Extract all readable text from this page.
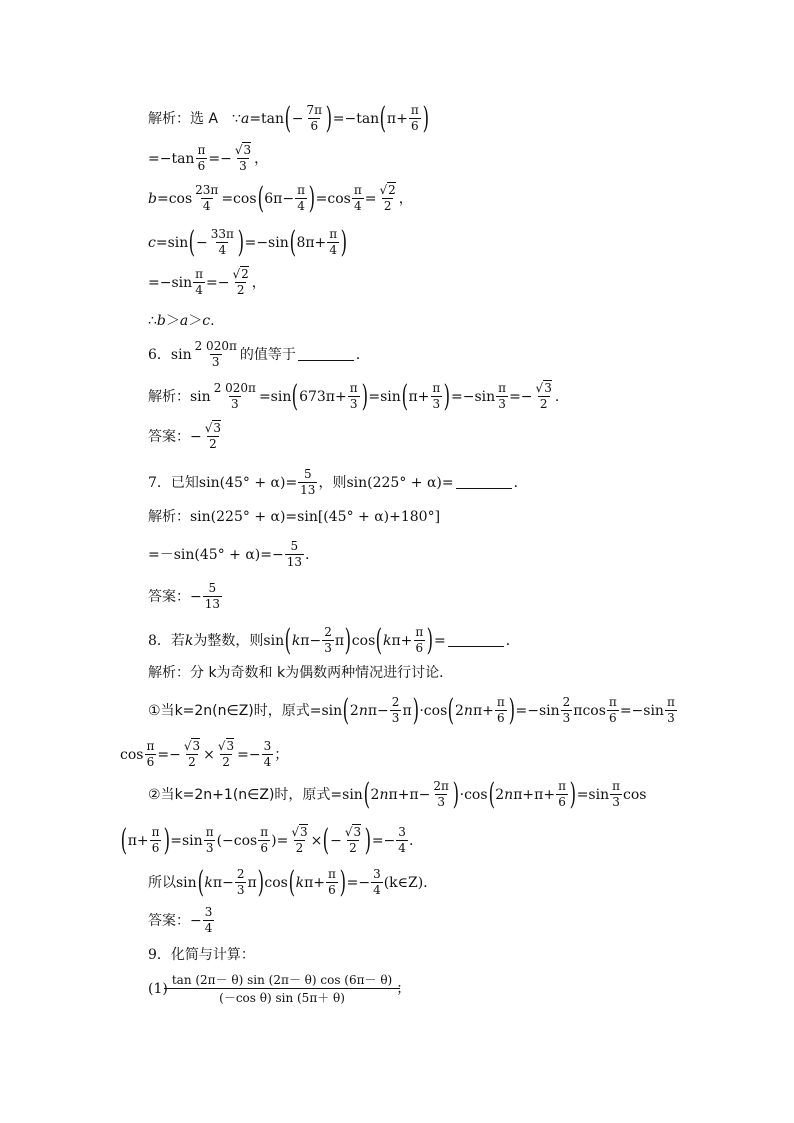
解析： 选 A ∵ a =tan ( − $\frac{7\pi}{6}$ ) =−tan ( $\pi+ \frac{\pi}{6}$ )
$=-\tan \frac{\pi}{6} =- \frac{√3}{3}$ ，
$b =\cos \frac{23\pi}{4} =\cos$ ( $6\pi- \frac{\pi}{4}$ ) $=\cos \frac{\pi}{4} = \frac{√2}{2}$ ，
c =sin ( − $\frac{33\pi}{4}$ ) =−sin ( $8\pi+ \frac{\pi}{4}$ )
$=-\sin \frac{\pi}{4} =- \frac{√2}{2}$ ，
∴ b ＞ a ＞ c .
6． $\sin \frac{2 020\pi}{3}$ 的值等于	．
解析： $\sin \frac{2 020\pi}{3} =\sin$ ( $673\pi+ \frac{\pi}{3}$ ) =sin ( $\pi+ \frac{\pi}{3}$ ) $=-\sin \frac{\pi}{3} =- \frac{√3}{2}$ .
答案： − $\frac{√3}{2}$
7． 已知 $\sin(45^\circ + \alpha) = \frac{5}{13}$ ，则 sin(225° + α) =	．
解析： sin(225° + α) = sin[(45° + α)+180°]
= $-\sin(45^\circ + \alpha) =- \frac{5}{13}$ .
答案： − $\frac{5}{13}$
8． 若 k 为整数，则 sin ( k $\pi- \frac{2}{3}$ π ) cos ( k $\pi+ \frac{\pi}{6}$ ) =	．
解析： 分 k为奇数和 k为偶数两种情况进行讨论．
①当 k=2n(n∈Z)时，原式= sin ( 2 n $\pi- \frac{2}{3}$ π ) ·cos ( 2 n $\pi+ \frac{\pi}{6}$ ) $=-\sin \frac{2}{3}$ πcos $\frac{\pi}{6} =-\sin \frac{\pi}{3}$
$\cos \frac{\pi}{6} =- \frac{√3}{2} \times \frac{√3}{2} =- \frac{3}{4}$ ；
②当 k=2n+1(n∈Z)时，原式= sin ( 2 n $\pi+\pi- \frac{2\pi}{3}$ ) ·cos ( 2 n $\pi+\pi+ \frac{\pi}{6}$ ) $=\sin \frac{\pi}{3}$ cos
( $\pi+ \frac{\pi}{6}$ ) $=\sin \frac{\pi}{3} (-\cos \frac{\pi}{6}$ )= $\frac{√3}{2}$ × ( − $\frac{√3}{2}$ ) =− $\frac{3}{4}$ .
所以 sin ( k $\pi- \frac{2}{3}$ π ) cos ( k $\pi+ \frac{\pi}{6}$ ) =− $\frac{3}{4}$ (k∈Z)．
答案： − $\frac{3}{4}$
9． 化简与计算：
$(1) \frac{\tan (2\pi- \theta) \sin (2\pi- \theta) \cos (6\pi- \theta)}{\text{(－cos θ) sin (5π＋ θ)}}$ ；
